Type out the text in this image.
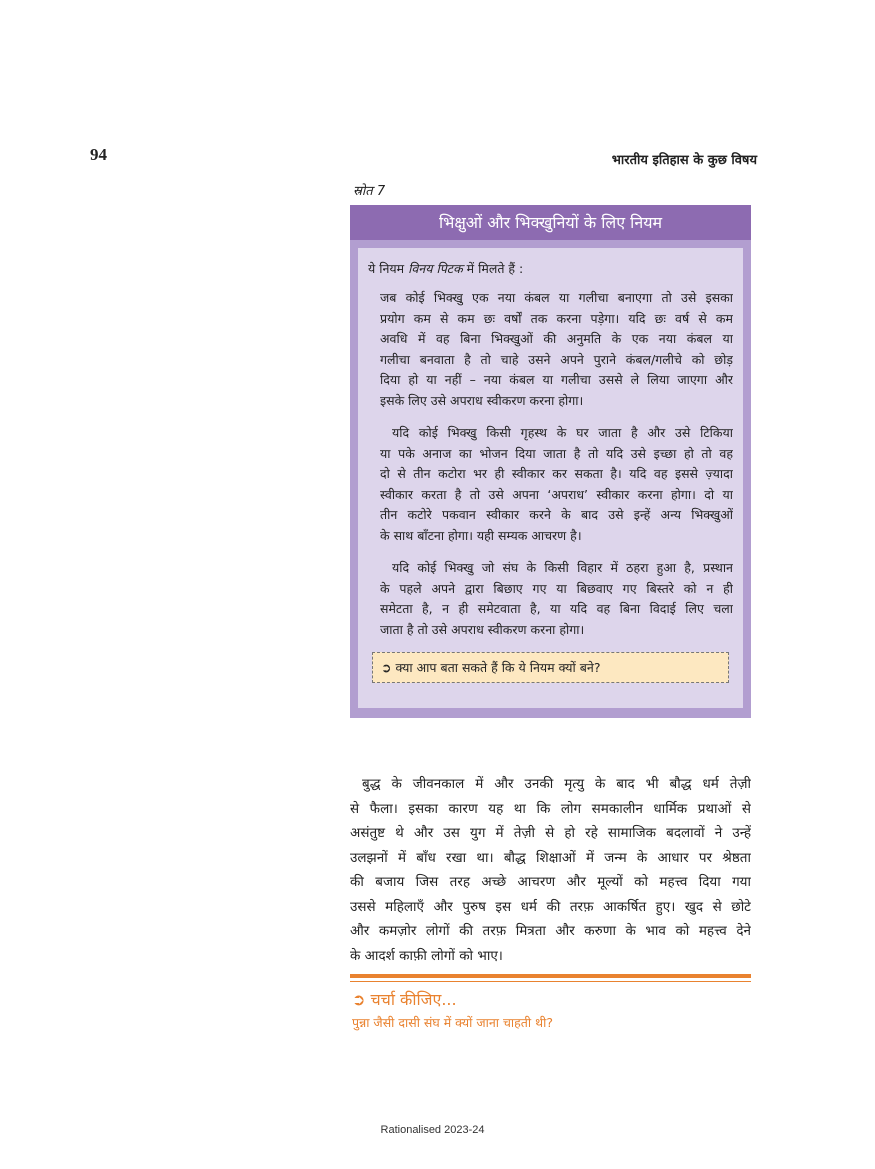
94	भारतीय इतिहास के कुछ विषय
स्रोत 7
भिक्षुओं और भिक्खुनियों के लिए नियम

ये नियम विनय पिटक में मिलते हैं :

जब कोई भिक्खु एक नया कंबल या गलीचा बनाएगा तो उसे इसका
प्रयोग कम से कम छः वर्षों तक करना पड़ेगा। यदि छः वर्ष से कम
अवधि में वह बिना भिक्खुओं की अनुमति के एक नया कंबल या
गलीचा बनवाता है तो चाहे उसने अपने पुराने कंबल/गलीचे को छोड़
दिया हो या नहीं – नया कंबल या गलीचा उससे ले लिया जाएगा और
इसके लिए उसे अपराध स्वीकरण करना होगा।
यदि कोई भिक्खु किसी गृहस्थ के घर जाता है और उसे टिकिया
या पके अनाज का भोजन दिया जाता है तो यदि उसे इच्छा हो तो वह
दो से तीन कटोरा भर ही स्वीकार कर सकता है। यदि वह इससे ज़्यादा
स्वीकार करता है तो उसे अपना ‘अपराध’ स्वीकार करना होगा। दो या
तीन कटोरे पकवान स्वीकार करने के बाद उसे इन्हें अन्य भिक्खुओं
के साथ बाँटना होगा। यही सम्यक आचरण है।
यदि कोई भिक्खु जो संघ के किसी विहार में ठहरा हुआ है, प्रस्थान
के पहले अपने द्वारा बिछाए गए या बिछवाए गए बिस्तरे को न ही
समेटता है, न ही समेटवाता है, या यदि वह बिना विदाई लिए चला
जाता है तो उसे अपराध स्वीकरण करना होगा।
➲ क्या आप बता सकते हैं कि ये नियम क्यों बने?
बुद्ध के जीवनकाल में और उनकी मृत्यु के बाद भी बौद्ध धर्म तेज़ी
से फैला। इसका कारण यह था कि लोग समकालीन धार्मिक प्रथाओं से
असंतुष्ट थे और उस युग में तेज़ी से हो रहे सामाजिक बदलावों ने उन्हें
उलझनों में बाँध रखा था। बौद्ध शिक्षाओं में जन्म के आधार पर श्रेष्ठता
की बजाय जिस तरह अच्छे आचरण और मूल्यों को महत्त्व दिया गया
उससे महिलाएँ और पुरुष इस धर्म की तरफ़ आकर्षित हुए। खुद से छोटे
और कमज़ोर लोगों की तरफ़ मित्रता और करुणा के भाव को महत्त्व देने
के आदर्श काफ़ी लोगों को भाए।
➲ चर्चा कीजिए...
पुन्ना जैसी दासी संघ में क्यों जाना चाहती थी?
Rationalised 2023-24
